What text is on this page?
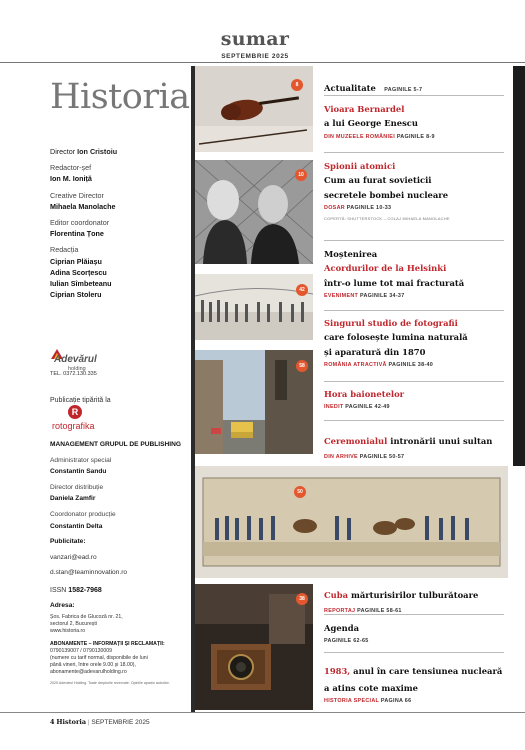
sumar
SEPTEMBRIE 2025
Historia
Director Ion Cristoiu
Redactor-șef
Ion M. Ioniță
Creative Director
Mihaela Manolache
Editor coordonator
Florentina Țone
Redacția
Ciprian Plăiașu
Adina Scorțescu
Iulian Sîmbeteanu
Ciprian Stoleru
Adevărul
holding
TEL. 0372.130.335
Publicație tipărită la
R
rotografika
MANAGEMENT GRUPUL DE PUBLISHING
Administrator special
Constantin Sandu
Director distribuție
Daniela Zamfir
Coordonator producție
Constantin Delta
Publicitate:
vanzari@ead.ro
d.stan@teaminnovation.ro
ISSN 1582-7968
Adresa:
Șos. Fabrica de Glucoză nr. 21,
sectorul 2, București
www.historia.ro
ABONAMENTE – INFORMAȚII ȘI RECLAMAȚII:
0790139007 / 0790130009
(numere cu tarif normal, disponibile de luni
până vineri, între orele 9.00 și 18.00),
abonamente@adevarulholding.ro
2025 Adevărul Holding. Toate drepturile rezervate. Opiniile aparțin autorilor.
8
10
42
58
50
38
Actualitate PAGINILE 5-7
Vioara Bernardel
a lui George Enescu
DIN MUZEELE ROMÂNIEI PAGINILE 8-9
Spionii atomici
Cum au furat sovieticii
secretele bombei nucleare
DOSAR PAGINILE 10-33
COPERTĂ: SHUTTERSTOCK – COLAJ MIHAELA MANOLACHE
Moștenirea
Acordurilor de la Helsinki
într-o lume tot mai fracturată
EVENIMENT PAGINILE 34-37
Singurul studio de fotografii
care folosește lumina naturală
și aparatură din 1870
ROMÂNIA ATRACTIVĂ PAGINILE 38-40
Hora baionetelor
INEDIT PAGINILE 42-49
Ceremonialul intronării unui sultan
DIN ARHIVE PAGINILE 50-57
Cuba mărturisirilor tulburătoare
REPORTAJ PAGINILE 58-61
Agenda
PAGINILE 62-65
1983, anul în care tensiunea nucleară
a atins cote maxime
HISTORIA SPECIAL PAGINA 66
4 Historia | SEPTEMBRIE 2025
